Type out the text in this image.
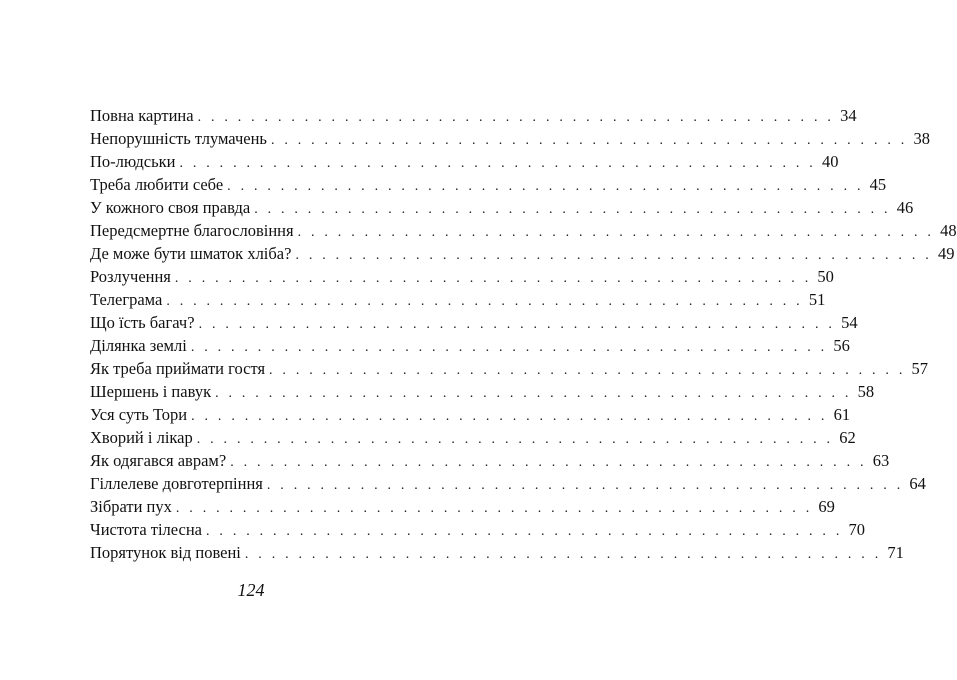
Повна картина . . . . . . . . . . . . . . . . . . . . . . . . . . . . . . . . . . . . . . . . . . . . . . . . 34
Непорушність тлумачень . . . . . . . . . . . . . . . . . . . . . . . . . . . . . . . . . . . . . . . . . . . . . . . . 38
По-людськи . . . . . . . . . . . . . . . . . . . . . . . . . . . . . . . . . . . . . . . . . . . . . . . . 40
Треба любити себе . . . . . . . . . . . . . . . . . . . . . . . . . . . . . . . . . . . . . . . . . . . . . . . . 45
У кожного своя правда . . . . . . . . . . . . . . . . . . . . . . . . . . . . . . . . . . . . . . . . . . . . . . . . 46
Передсмертне благословіння . . . . . . . . . . . . . . . . . . . . . . . . . . . . . . . . . . . . . . . . . . . . . . . . 48
Де може бути шматок хліба? . . . . . . . . . . . . . . . . . . . . . . . . . . . . . . . . . . . . . . . . . . . . . . . . 49
Розлучення . . . . . . . . . . . . . . . . . . . . . . . . . . . . . . . . . . . . . . . . . . . . . . . . 50
Телеграма . . . . . . . . . . . . . . . . . . . . . . . . . . . . . . . . . . . . . . . . . . . . . . . . 51
Що їсть багач? . . . . . . . . . . . . . . . . . . . . . . . . . . . . . . . . . . . . . . . . . . . . . . . . 54
Ділянка землі . . . . . . . . . . . . . . . . . . . . . . . . . . . . . . . . . . . . . . . . . . . . . . . . 56
Як треба приймати гостя . . . . . . . . . . . . . . . . . . . . . . . . . . . . . . . . . . . . . . . . . . . . . . . . 57
Шершень і павук . . . . . . . . . . . . . . . . . . . . . . . . . . . . . . . . . . . . . . . . . . . . . . . . 58
Уся суть Тори . . . . . . . . . . . . . . . . . . . . . . . . . . . . . . . . . . . . . . . . . . . . . . . . 61
Хворий і лікар . . . . . . . . . . . . . . . . . . . . . . . . . . . . . . . . . . . . . . . . . . . . . . . . 62
Як одягався аврам? . . . . . . . . . . . . . . . . . . . . . . . . . . . . . . . . . . . . . . . . . . . . . . . . 63
Гіллелеве довготерпіння . . . . . . . . . . . . . . . . . . . . . . . . . . . . . . . . . . . . . . . . . . . . . . . . 64
Зібрати пух . . . . . . . . . . . . . . . . . . . . . . . . . . . . . . . . . . . . . . . . . . . . . . . . 69
Чистота тілесна . . . . . . . . . . . . . . . . . . . . . . . . . . . . . . . . . . . . . . . . . . . . . . . . 70
Порятунок від повені . . . . . . . . . . . . . . . . . . . . . . . . . . . . . . . . . . . . . . . . . . . . . . . . 71
124
